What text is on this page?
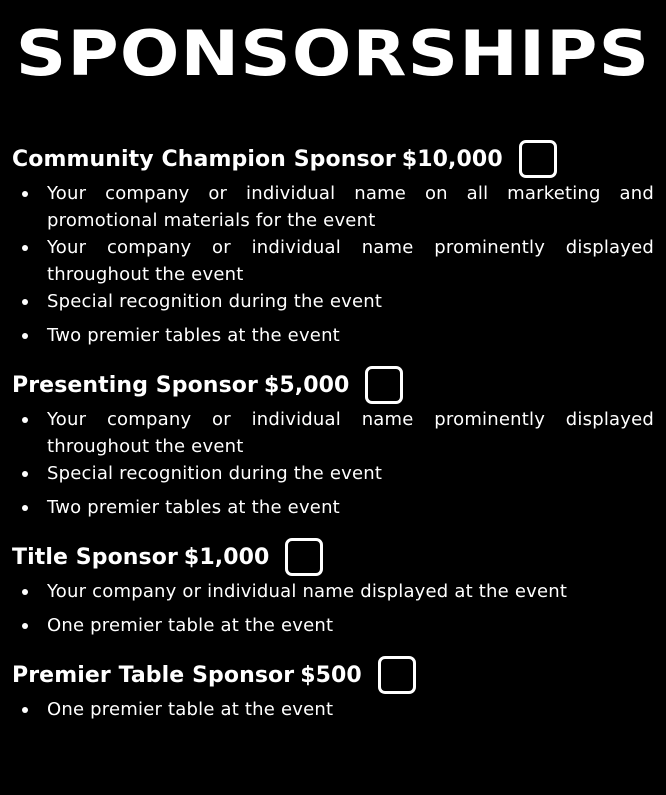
SPONSORSHIPS
Community Champion Sponsor $10,000
Your company or individual name on all marketing and promotional materials for the event
Your company or individual name prominently displayed throughout the event
Special recognition during the event
Two premier tables at the event
Presenting Sponsor $5,000
Your company or individual name prominently displayed throughout the event
Special recognition during the event
Two premier tables at the event
Title Sponsor $1,000
Your company or individual name displayed at the event
One premier table at the event
Premier Table Sponsor $500
One premier table at the event
